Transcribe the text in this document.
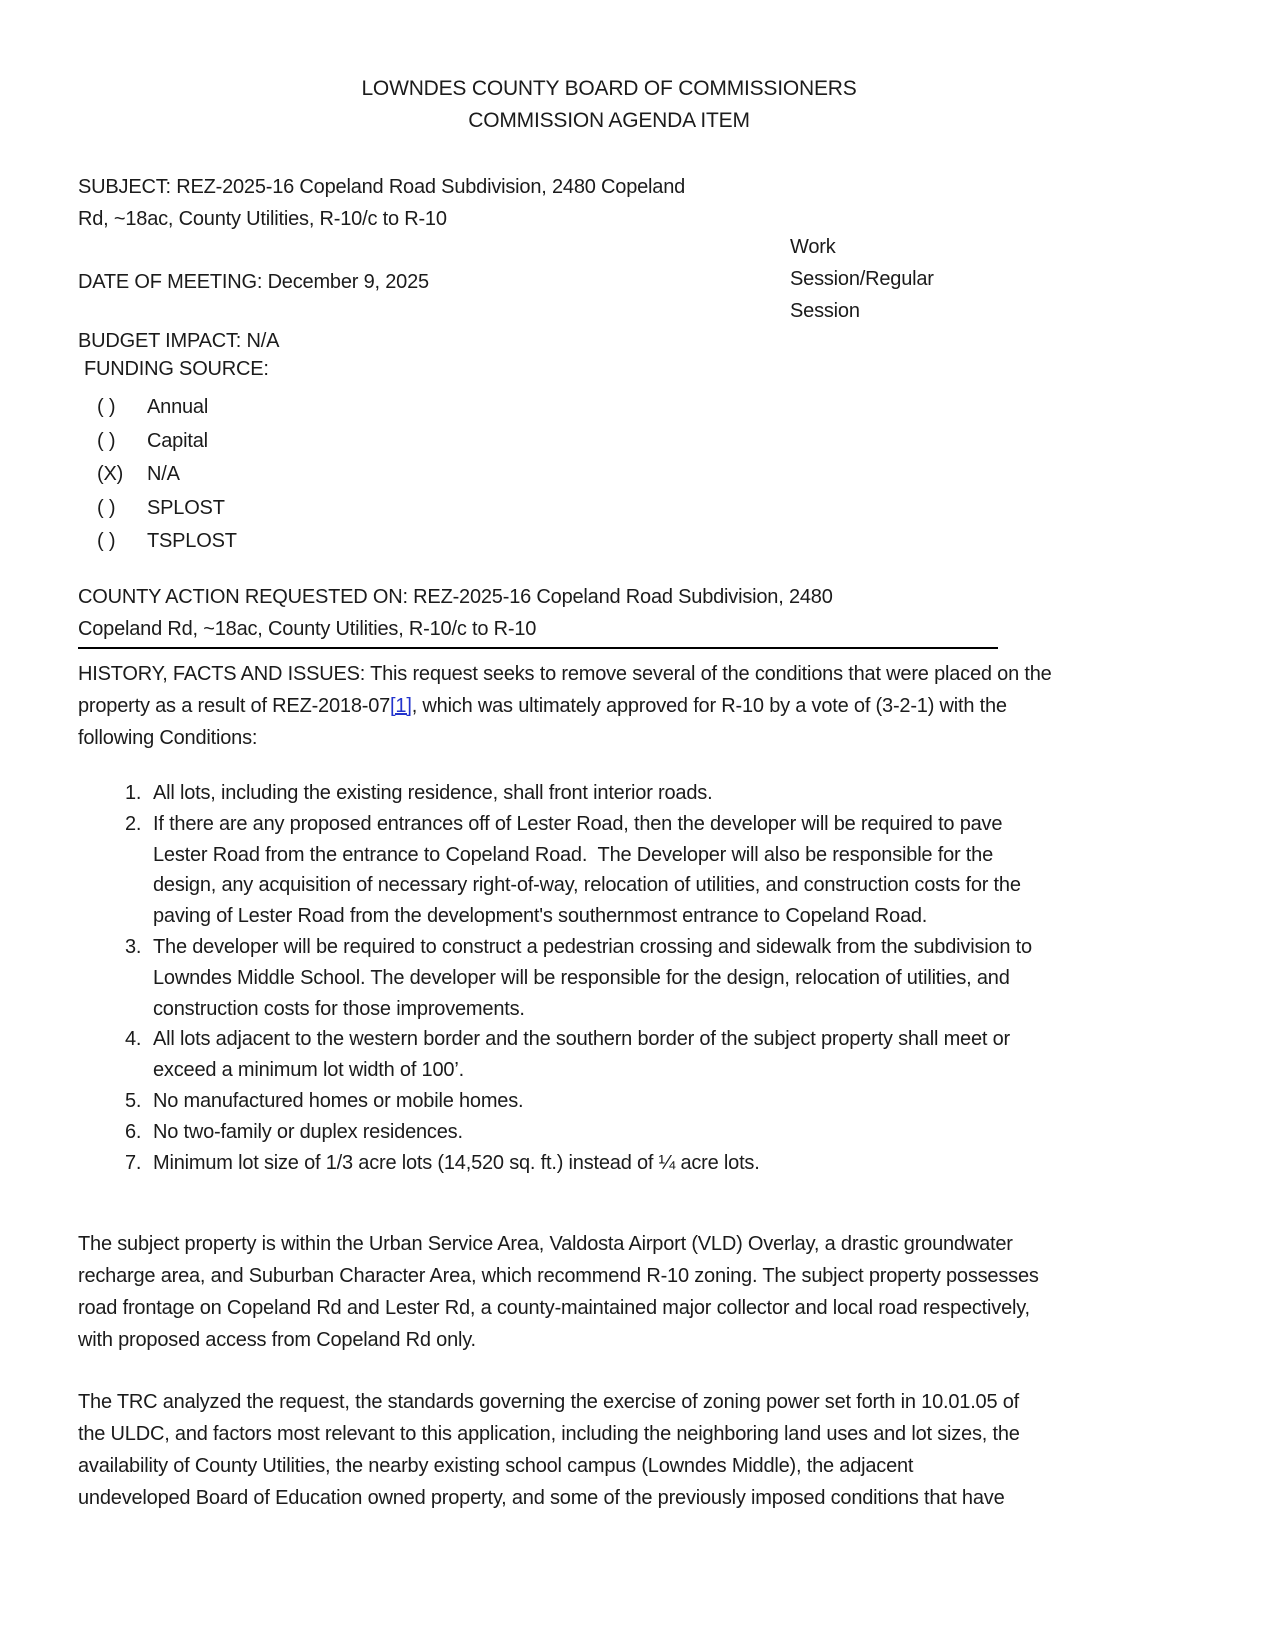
LOWNDES COUNTY BOARD OF COMMISSIONERS
COMMISSION AGENDA ITEM
SUBJECT: REZ-2025-16 Copeland Road Subdivision, 2480 Copeland
Rd, ~18ac, County Utilities, R-10/c to R-10
Work
Session/Regular
Session
DATE OF MEETING: December 9, 2025
BUDGET IMPACT: N/A
FUNDING SOURCE:
( )	Annual
( )	Capital
(X)	N/A
( )	SPLOST
( )	TSPLOST
COUNTY ACTION REQUESTED ON: REZ-2025-16 Copeland Road Subdivision, 2480
Copeland Rd, ~18ac, County Utilities, R-10/c to R-10
HISTORY, FACTS AND ISSUES: This request seeks to remove several of the conditions that were placed on the
property as a result of REZ-2018-07[1], which was ultimately approved for R-10 by a vote of (3-2-1) with the
following Conditions:
1. All lots, including the existing residence, shall front interior roads.
2. If there are any proposed entrances off of Lester Road, then the developer will be required to pave
Lester Road from the entrance to Copeland Road.  The Developer will also be responsible for the
design, any acquisition of necessary right-of-way, relocation of utilities, and construction costs for the
paving of Lester Road from the development's southernmost entrance to Copeland Road.
3. The developer will be required to construct a pedestrian crossing and sidewalk from the subdivision to
Lowndes Middle School. The developer will be responsible for the design, relocation of utilities, and
construction costs for those improvements.
4. All lots adjacent to the western border and the southern border of the subject property shall meet or
exceed a minimum lot width of 100’.
5. No manufactured homes or mobile homes.
6. No two-family or duplex residences.
7. Minimum lot size of 1/3 acre lots (14,520 sq. ft.) instead of ¼ acre lots.
The subject property is within the Urban Service Area, Valdosta Airport (VLD) Overlay, a drastic groundwater
recharge area, and Suburban Character Area, which recommend R-10 zoning. The subject property possesses
road frontage on Copeland Rd and Lester Rd, a county-maintained major collector and local road respectively,
with proposed access from Copeland Rd only.
The TRC analyzed the request, the standards governing the exercise of zoning power set forth in 10.01.05 of
the ULDC, and factors most relevant to this application, including the neighboring land uses and lot sizes, the
availability of County Utilities, the nearby existing school campus (Lowndes Middle), the adjacent
undeveloped Board of Education owned property, and some of the previously imposed conditions that have
